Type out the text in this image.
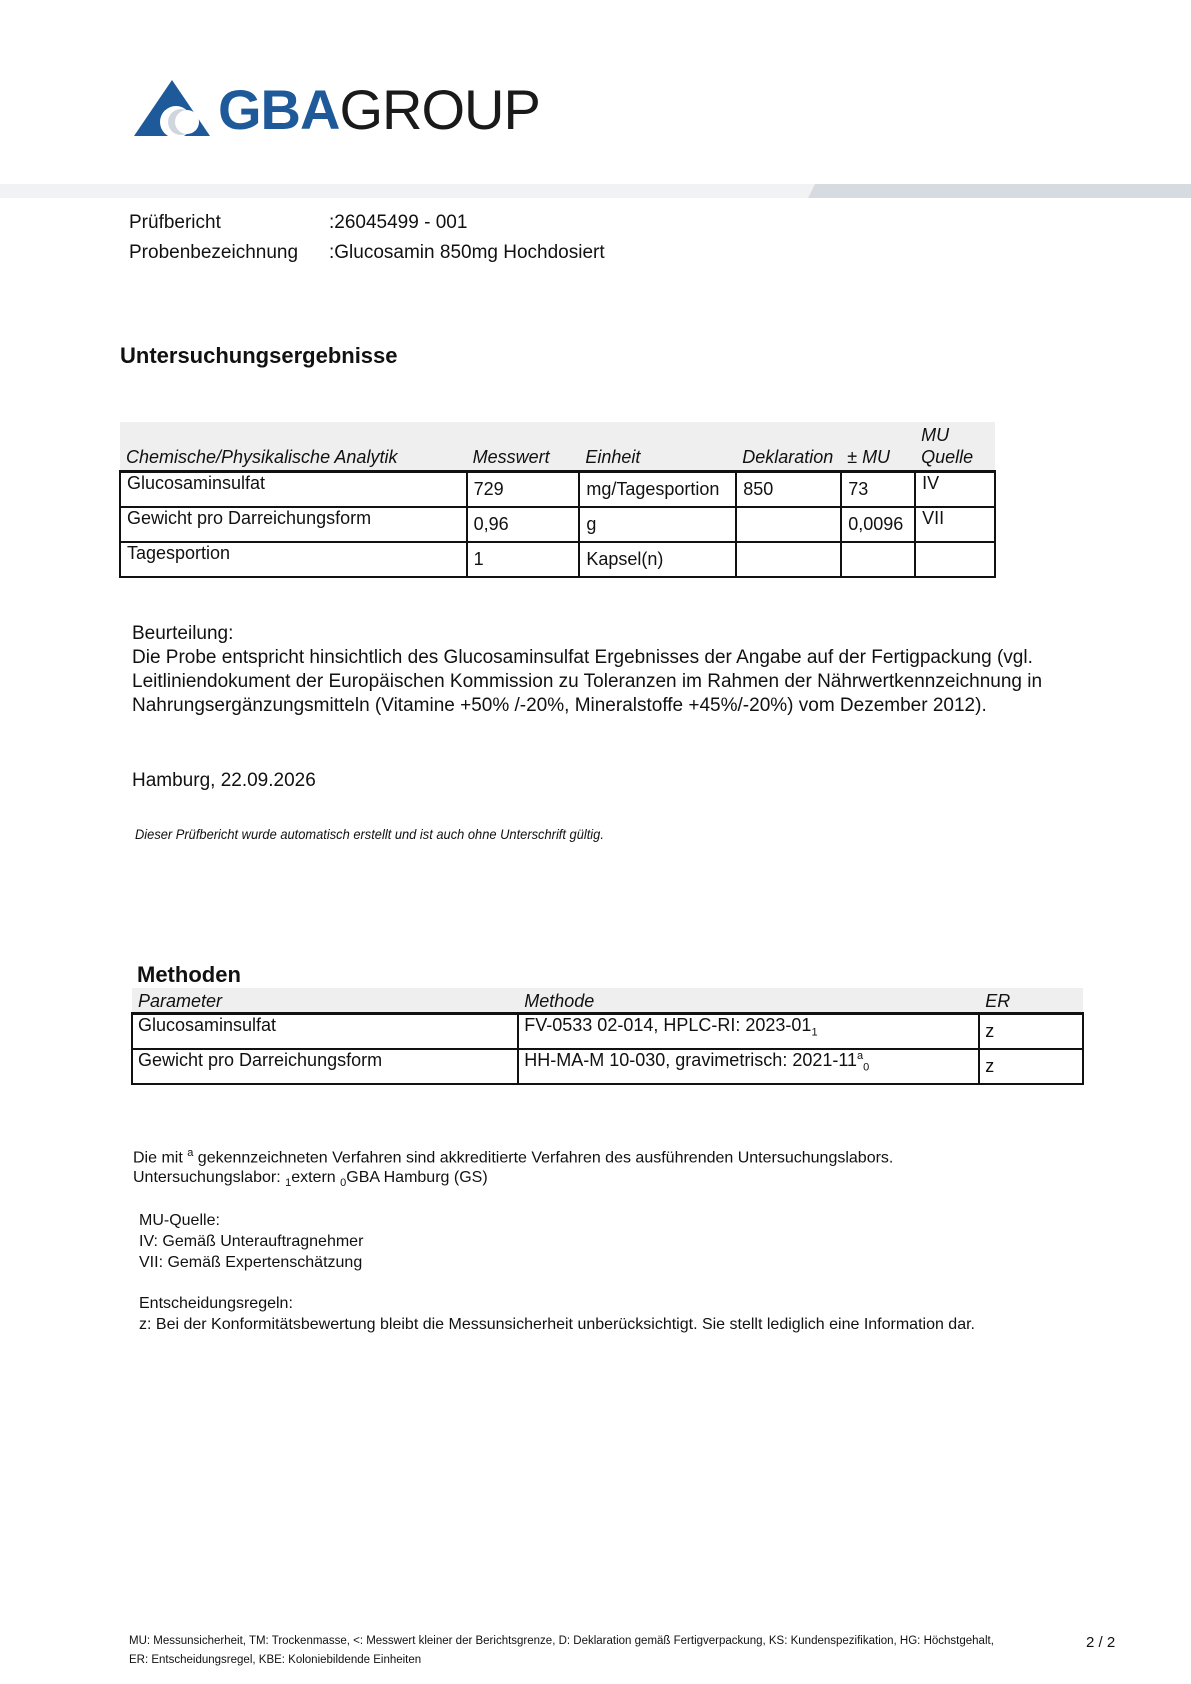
GBAGROUP
Prüfbericht	:26045499 - 001
Probenbezeichnung	:Glucosamin 850mg Hochdosiert
Untersuchungsergebnisse
Chemische/Physikalische Analytik	Messwert	Einheit	Deklaration	± MU	MU Quelle
Glucosaminsulfat	729	mg/Tagesportion	850	73	IV
Gewicht pro Darreichungsform	0,96	g		0,0096	VII
Tagesportion	1	Kapsel(n)			
Beurteilung:
Die Probe entspricht hinsichtlich des Glucosaminsulfat Ergebnisses der Angabe auf der Fertigpackung (vgl. Leitliniendokument der Europäischen Kommission zu Toleranzen im Rahmen der Nährwertkennzeichnung in Nahrungsergänzungsmitteln (Vitamine +50% /-20%, Mineralstoffe +45%/-20%) vom Dezember 2012).
Hamburg, 22.09.2026
Dieser Prüfbericht wurde automatisch erstellt und ist auch ohne Unterschrift gültig.
Methoden
Parameter	Methode	ER
Glucosaminsulfat	FV-0533 02-014, HPLC-RI: $2023-01_1$	z
Gewicht pro Darreichungsform	HH-MA-M 10-030, gravimetrisch: $2021-11^a_0$	z
Die mit $^a$ gekennzeichneten Verfahren sind akkreditierte Verfahren des ausführenden Untersuchungslabors.
Untersuchungslabor: $_1$extern $_0$GBA Hamburg (GS)
MU-Quelle:
IV: Gemäß Unterauftragnehmer
VII: Gemäß Expertenschätzung
Entscheidungsregeln:
z: Bei der Konformitätsbewertung bleibt die Messunsicherheit unberücksichtigt. Sie stellt lediglich eine Information dar.
MU: Messunsicherheit, TM: Trockenmasse, <: Messwert kleiner der Berichtsgrenze, D: Deklaration gemäß Fertigverpackung, KS: Kundenspezifikation, HG: Höchstgehalt,
ER: Entscheidungsregel, KBE: Koloniebildende Einheiten
2 / 2
